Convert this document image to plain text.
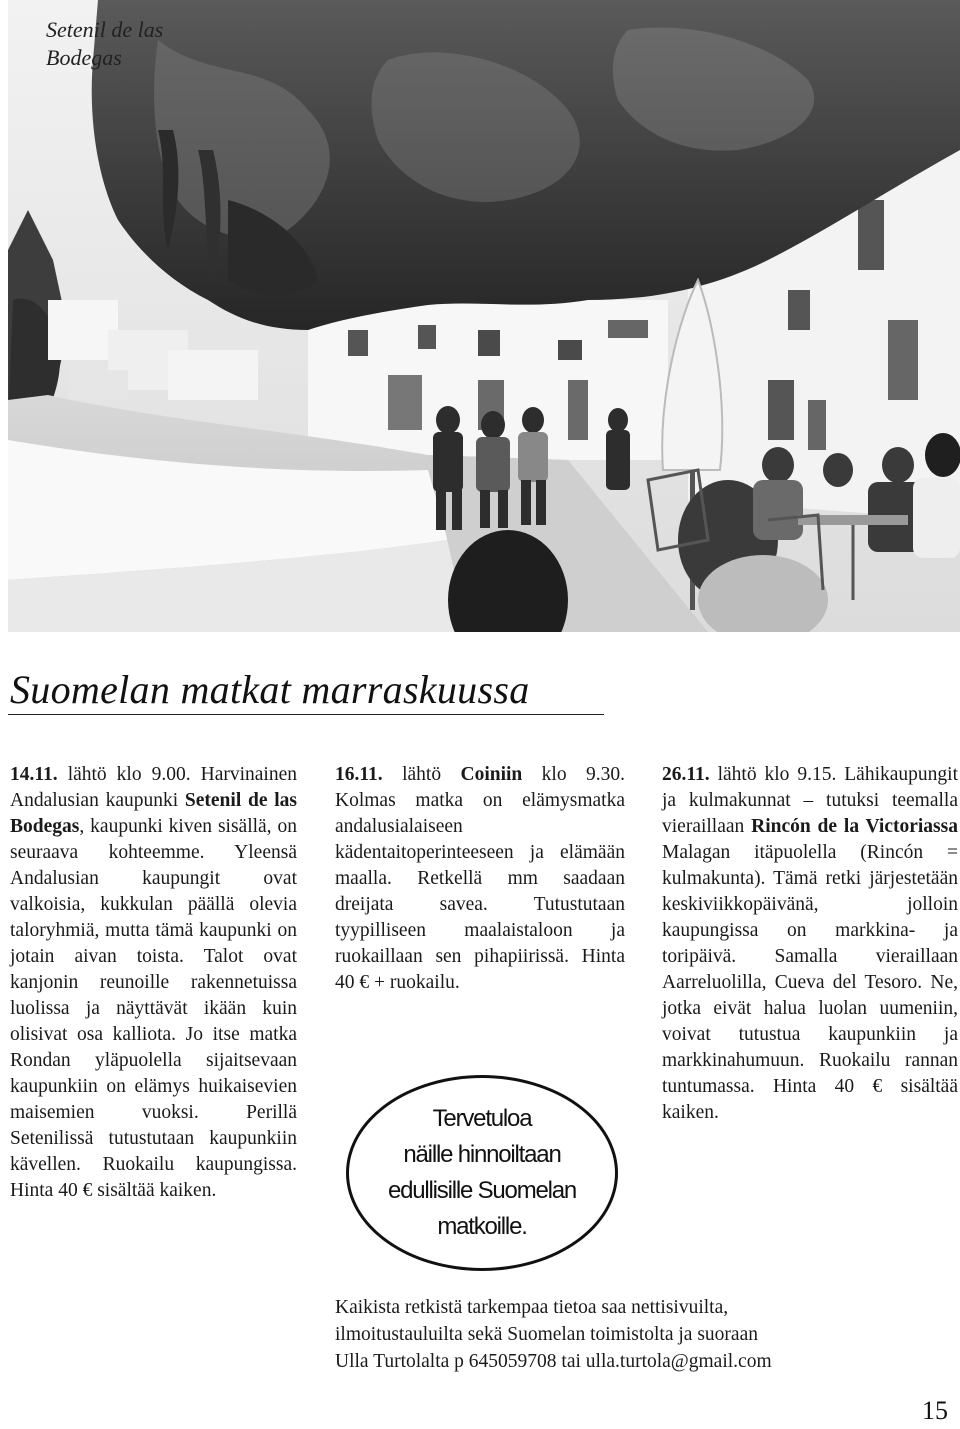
Setenil de las
Bodegas
Suomelan matkat marraskuussa

14.11. lähtö klo 9.00. Harvinainen Andalusian kaupunki Setenil de las Bodegas, kaupunki kiven sisällä, on seuraava kohteemme. Yleensä Andalusian kaupungit ovat valkoisia, kukkulan päällä olevia taloryhmiä, mutta tämä kaupunki on jotain aivan toista. Talot ovat kanjonin reunoille rakennetuissa luolissa ja näyttävät ikään kuin olisivat osa kalliota. Jo itse matka Rondan yläpuolella sijaitsevaan kaupunkiin on elämys huikaisevien maisemien vuoksi. Perillä Setenilissä tutustutaan kaupunkiin kävellen. Ruokailu kaupungissa. Hinta 40 € sisältää kaiken.

16.11. lähtö Coiniin klo 9.30. Kolmas matka on elämysmatka andalusialaiseen kädentaitoperinteeseen ja elämään maalla. Retkellä mm saadaan dreijata savea. Tutustutaan tyypilliseen maalaistaloon ja ruokaillaan sen pihapiirissä. Hinta 40 € + ruokailu.

Tervetuloa
näille hinnoiltaan
edullisille Suomelan
matkoille.

26.11. lähtö klo 9.15. Lähikaupungit ja kulmakunnat – tutuksi teemalla vieraillaan Rincón de la Victoriassa Malagan itäpuolella (Rincón = kulmakunta). Tämä retki järjestetään keskiviikkopäivänä, jolloin kaupungissa on markkina- ja toripäivä. Samalla vieraillaan Aarreluolilla, Cueva del Tesoro. Ne, jotka eivät halua luolan uumeniin, voivat tutustua kaupunkiin ja markkinahumuun. Ruokailu rannan tuntumassa. Hinta 40 € sisältää kaiken.

Kaikista retkistä tarkempaa tietoa saa nettisivuilta,
ilmoitustauluilta sekä Suomelan toimistolta ja suoraan
Ulla Turtolalta p 645059708 tai ulla.turtola@gmail.com
15
